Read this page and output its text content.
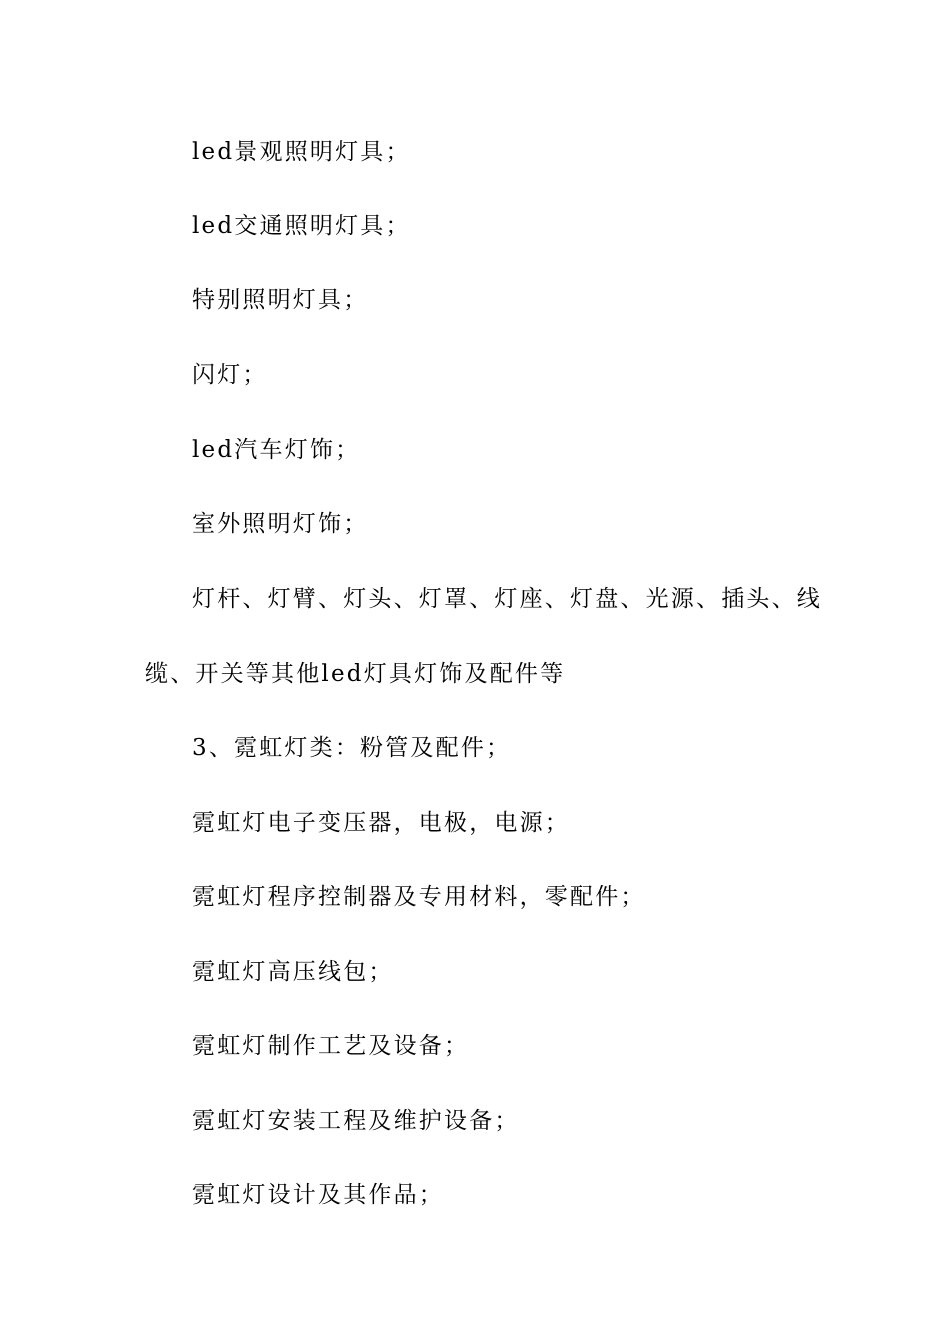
led景观照明灯具；
led交通照明灯具；
特别照明灯具；
闪灯；
led汽车灯饰；
室外照明灯饰；
灯杆、灯臂、灯头、灯罩、灯座、灯盘、光源、插头、线
缆、开关等其他led灯具灯饰及配件等
3、霓虹灯类：粉管及配件；
霓虹灯电子变压器，电极，电源；
霓虹灯程序控制器及专用材料，零配件；
霓虹灯高压线包；
霓虹灯制作工艺及设备；
霓虹灯安装工程及维护设备；
霓虹灯设计及其作品；
